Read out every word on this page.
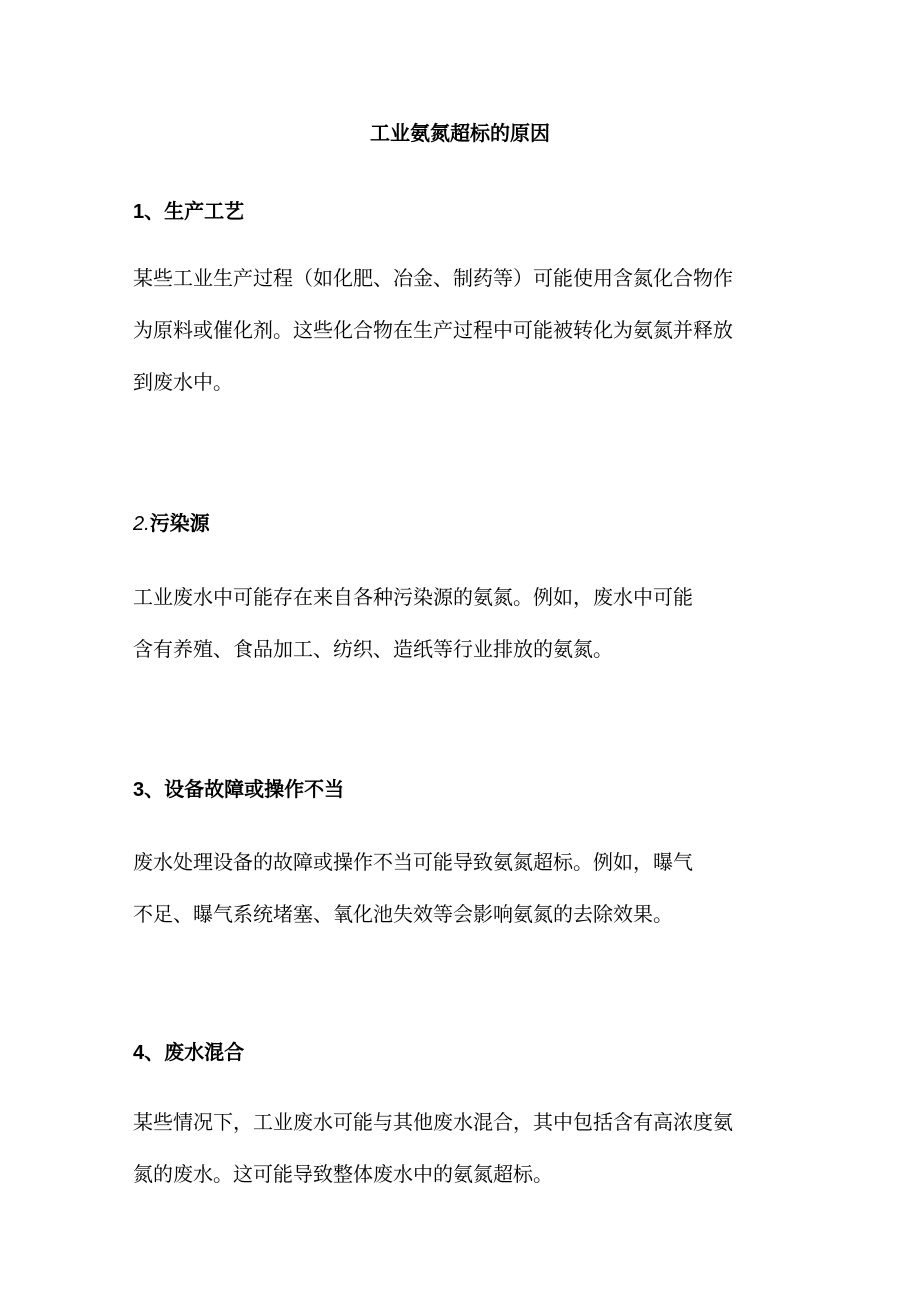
工业氨氮超标的原因
1、生产工艺
某些工业生产过程（如化肥、冶金、制药等）可能使用含氮化合物作
为原料或催化剂。这些化合物在生产过程中可能被转化为氨氮并释放
到废水中。
2.污染源
工业废水中可能存在来自各种污染源的氨氮。例如，废水中可能
含有养殖、食品加工、纺织、造纸等行业排放的氨氮。
3、设备故障或操作不当
废水处理设备的故障或操作不当可能导致氨氮超标。例如，曝气
不足、曝气系统堵塞、氧化池失效等会影响氨氮的去除效果。
4、废水混合
某些情况下，工业废水可能与其他废水混合，其中包括含有高浓度氨
氮的废水。这可能导致整体废水中的氨氮超标。
